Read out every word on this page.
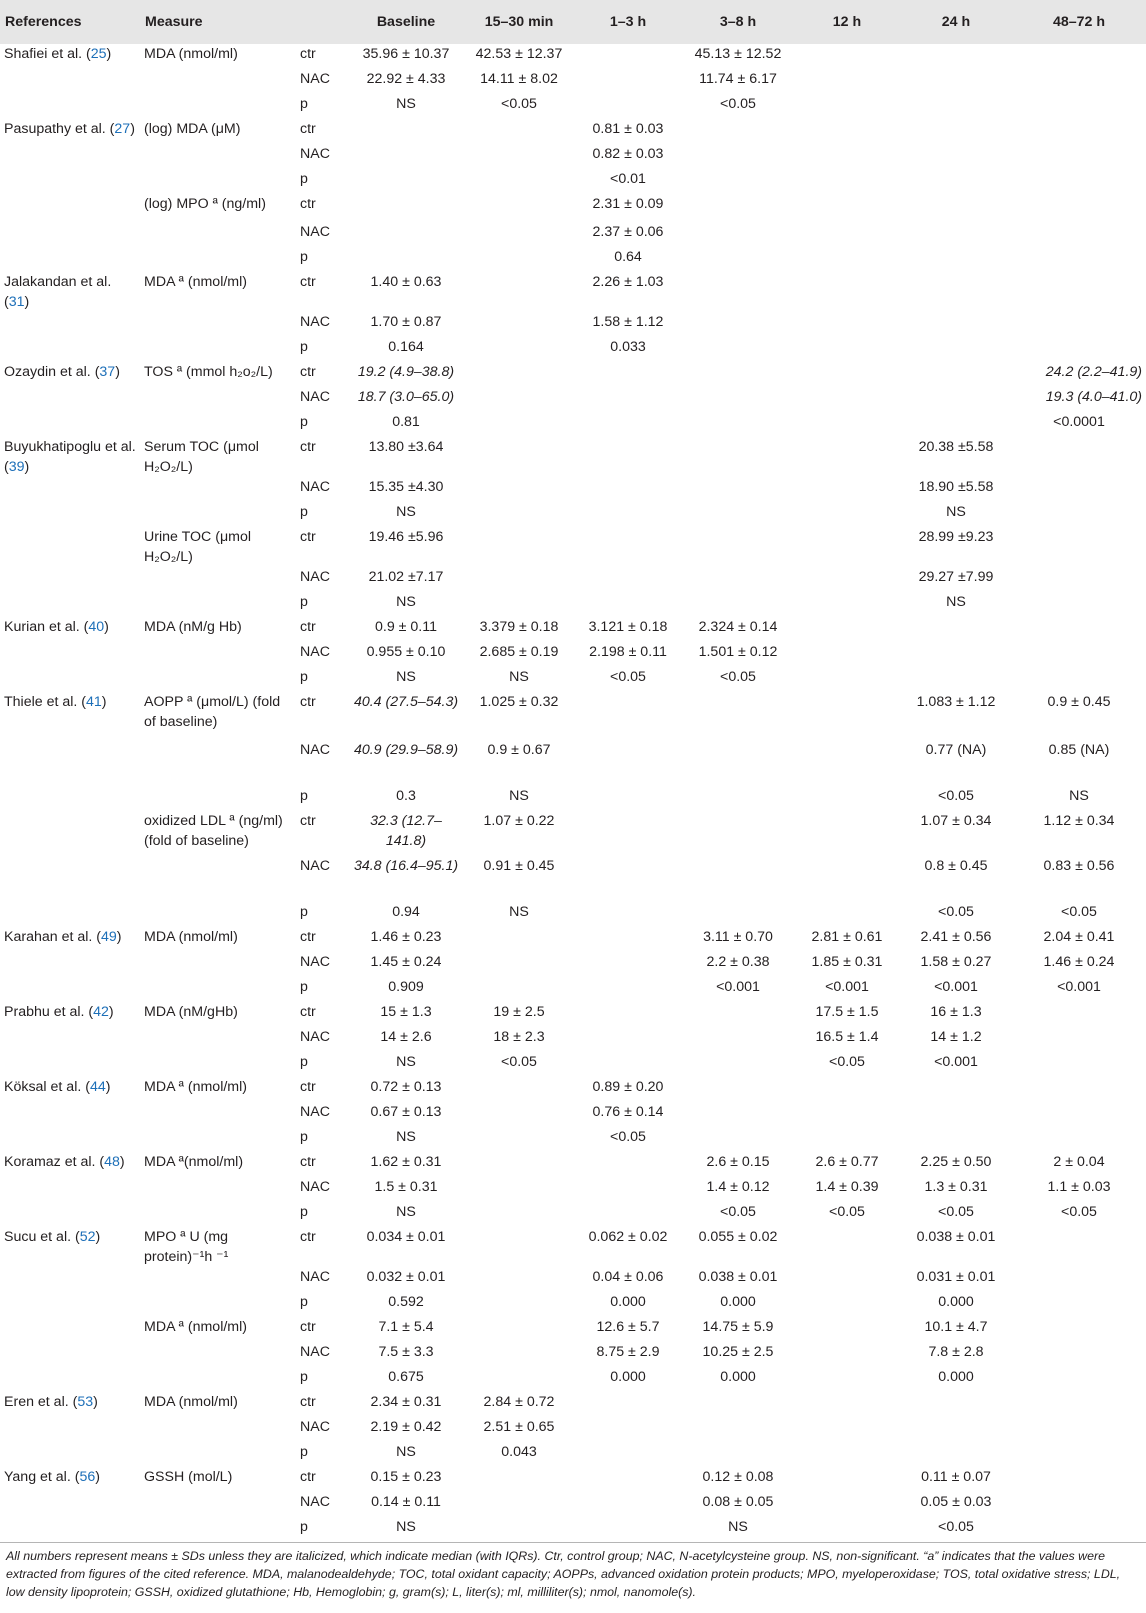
References	Measure		Baseline	15–30 min	1–3 h	3–8 h	12 h	24 h	48–72 h
Shafiei et al. (25)	MDA (nmol/ml)	ctr	35.96 ± 10.37	42.53 ± 12.37		45.13 ± 12.52			
		NAC	22.92 ± 4.33	14.11 ± 8.02		11.74 ± 6.17			
		p	NS	<0.05		<0.05			
Pasupathy et al. (27)	(log) MDA (μM)	ctr			0.81 ± 0.03				
		NAC			0.82 ± 0.03				
		p			<0.01				
	(log) MPO ª (ng/ml)	ctr			2.31 ± 0.09				
		NAC			2.37 ± 0.06				
		p			0.64				
Jalakandan et al. (31)	MDA ª (nmol/ml)	ctr	1.40 ± 0.63		2.26 ± 1.03				
		NAC	1.70 ± 0.87		1.58 ± 1.12				
		p	0.164		0.033				
Ozaydin et al. (37)	TOS ª (mmol h₂o₂/L)	ctr	19.2 (4.9–38.8)						24.2 (2.2–41.9)
		NAC	18.7 (3.0–65.0)						19.3 (4.0–41.0)
		p	0.81						<0.0001
Buyukhatipoglu et al. (39)	Serum TOC (μmol H₂O₂/L)	ctr	13.80 ±3.64					20.38 ±5.58	
		NAC	15.35 ±4.30					18.90 ±5.58	
		p	NS					NS	
	Urine TOC (μmol H₂O₂/L)	ctr	19.46 ±5.96					28.99 ±9.23	
		NAC	21.02 ±7.17					29.27 ±7.99	
		p	NS					NS	
Kurian et al. (40)	MDA (nM/g Hb)	ctr	0.9 ± 0.11	3.379 ± 0.18	3.121 ± 0.18	2.324 ± 0.14			
		NAC	0.955 ± 0.10	2.685 ± 0.19	2.198 ± 0.11	1.501 ± 0.12			
		p	NS	NS	<0.05	<0.05			
Thiele et al. (41)	AOPP ª (μmol/L) (fold of baseline)	ctr	40.4 (27.5–54.3)	1.025 ± 0.32				1.083 ± 1.12	0.9 ± 0.45
		NAC	40.9 (29.9–58.9)	0.9 ± 0.67				0.77 (NA)	0.85 (NA)
		p	0.3	NS				<0.05	NS
	oxidized LDL ª (ng/ml) (fold of baseline)	ctr	32.3 (12.7–141.8)	1.07 ± 0.22				1.07 ± 0.34	1.12 ± 0.34
		NAC	34.8 (16.4–95.1)	0.91 ± 0.45				0.8 ± 0.45	0.83 ± 0.56
		p	0.94	NS				<0.05	<0.05
Karahan et al. (49)	MDA (nmol/ml)	ctr	1.46 ± 0.23			3.11 ± 0.70	2.81 ± 0.61	2.41 ± 0.56	2.04 ± 0.41
		NAC	1.45 ± 0.24			2.2 ± 0.38	1.85 ± 0.31	1.58 ± 0.27	1.46 ± 0.24
		p	0.909			<0.001	<0.001	<0.001	<0.001
Prabhu et al. (42)	MDA (nM/gHb)	ctr	15 ± 1.3	19 ± 2.5			17.5 ± 1.5	16 ± 1.3	
		NAC	14 ± 2.6	18 ± 2.3			16.5 ± 1.4	14 ± 1.2	
		p	NS	<0.05			<0.05	<0.001	
Köksal et al. (44)	MDA ª (nmol/ml)	ctr	0.72 ± 0.13		0.89 ± 0.20				
		NAC	0.67 ± 0.13		0.76 ± 0.14				
		p	NS		<0.05				
Koramaz et al. (48)	MDA ª(nmol/ml)	ctr	1.62 ± 0.31			2.6 ± 0.15	2.6 ± 0.77	2.25 ± 0.50	2 ± 0.04
		NAC	1.5 ± 0.31			1.4 ± 0.12	1.4 ± 0.39	1.3 ± 0.31	1.1 ± 0.03
		p	NS			<0.05	<0.05	<0.05	<0.05
Sucu et al. (52)	MPO ª U (mg protein)⁻¹h ⁻¹	ctr	0.034 ± 0.01		0.062 ± 0.02	0.055 ± 0.02		0.038 ± 0.01	
		NAC	0.032 ± 0.01		0.04 ± 0.06	0.038 ± 0.01		0.031 ± 0.01	
		p	0.592		0.000	0.000		0.000	
	MDA ª (nmol/ml)	ctr	7.1 ± 5.4		12.6 ± 5.7	14.75 ± 5.9		10.1 ± 4.7	
		NAC	7.5 ± 3.3		8.75 ± 2.9	10.25 ± 2.5		7.8 ± 2.8	
		p	0.675		0.000	0.000		0.000	
Eren et al. (53)	MDA (nmol/ml)	ctr	2.34 ± 0.31	2.84 ± 0.72					
		NAC	2.19 ± 0.42	2.51 ± 0.65					
		p	NS	0.043					
Yang et al. (56)	GSSH (mol/L)	ctr	0.15 ± 0.23			0.12 ± 0.08		0.11 ± 0.07	
		NAC	0.14 ± 0.11			0.08 ± 0.05		0.05 ± 0.03	
		p	NS			NS		<0.05	
All numbers represent means ± SDs unless they are italicized, which indicate median (with IQRs). Ctr, control group; NAC, N-acetylcysteine group. NS, non-significant. “a” indicates that the values were extracted from figures of the cited reference. MDA, malanodealdehyde; TOC, total oxidant capacity; AOPPs, advanced oxidation protein products; MPO, myeloperoxidase; TOS, total oxidative stress; LDL, low density lipoprotein; GSSH, oxidized glutathione; Hb, Hemoglobin; g, gram(s); L, liter(s); ml, milliliter(s); nmol, nanomole(s).
